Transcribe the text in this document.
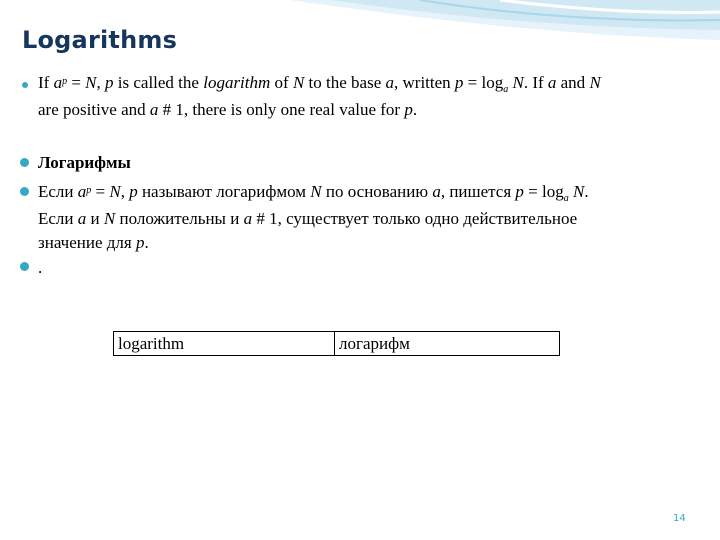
Logarithms
If $a^p = N$, p is called the logarithm of N to the base a, written $p = \log_a N$. If a and N
are positive and a # 1, there is only one real value for p.
Логарифмы
Если $a^p = N$, p называют логарифмом N по основанию a, пишется $p = \log_a N$.
Если a и N положительны и a # 1, существует только одно действительное
значение для p.
.
logarithm	логарифм
14
